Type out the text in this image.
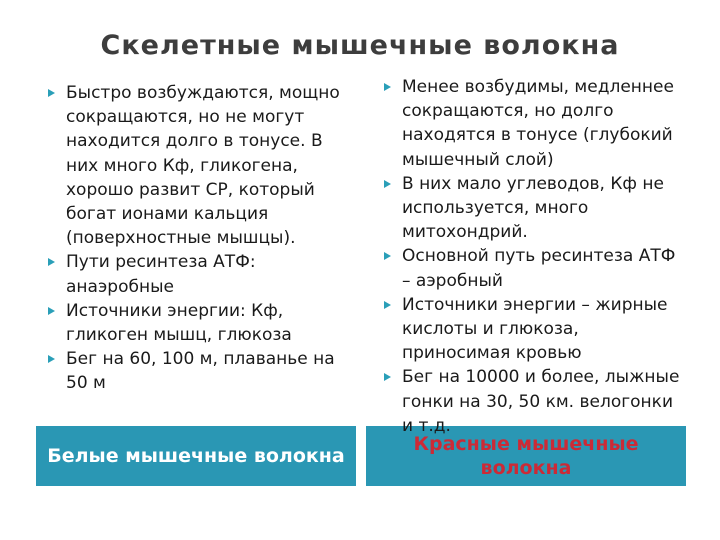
Скелетные мышечные волокна
Быстро возбуждаются, мощно сокращаются, но не могут находится долго в тонусе. В них много Кф, гликогена, хорошо развит СР, который богат ионами кальция (поверхностные мышцы).
Пути ресинтеза АТФ: анаэробные
Источники энергии: Кф, гликоген мышц, глюкоза
Бег на 60, 100 м, плаванье на 50 м
Менее возбудимы, медленнее сокращаются, но долго находятся в тонусе (глубокий мышечный слой)
В них мало углеводов, Кф не используется, много митохондрий.
Основной путь ресинтеза АТФ – аэробный
Источники энергии – жирные кислоты и глюкоза, приносимая кровью
Бег на 10000 и более, лыжные гонки на 30, 50 км. велогонки и т.д.
Белые мышечные волокна
Красные мышечные волокна
